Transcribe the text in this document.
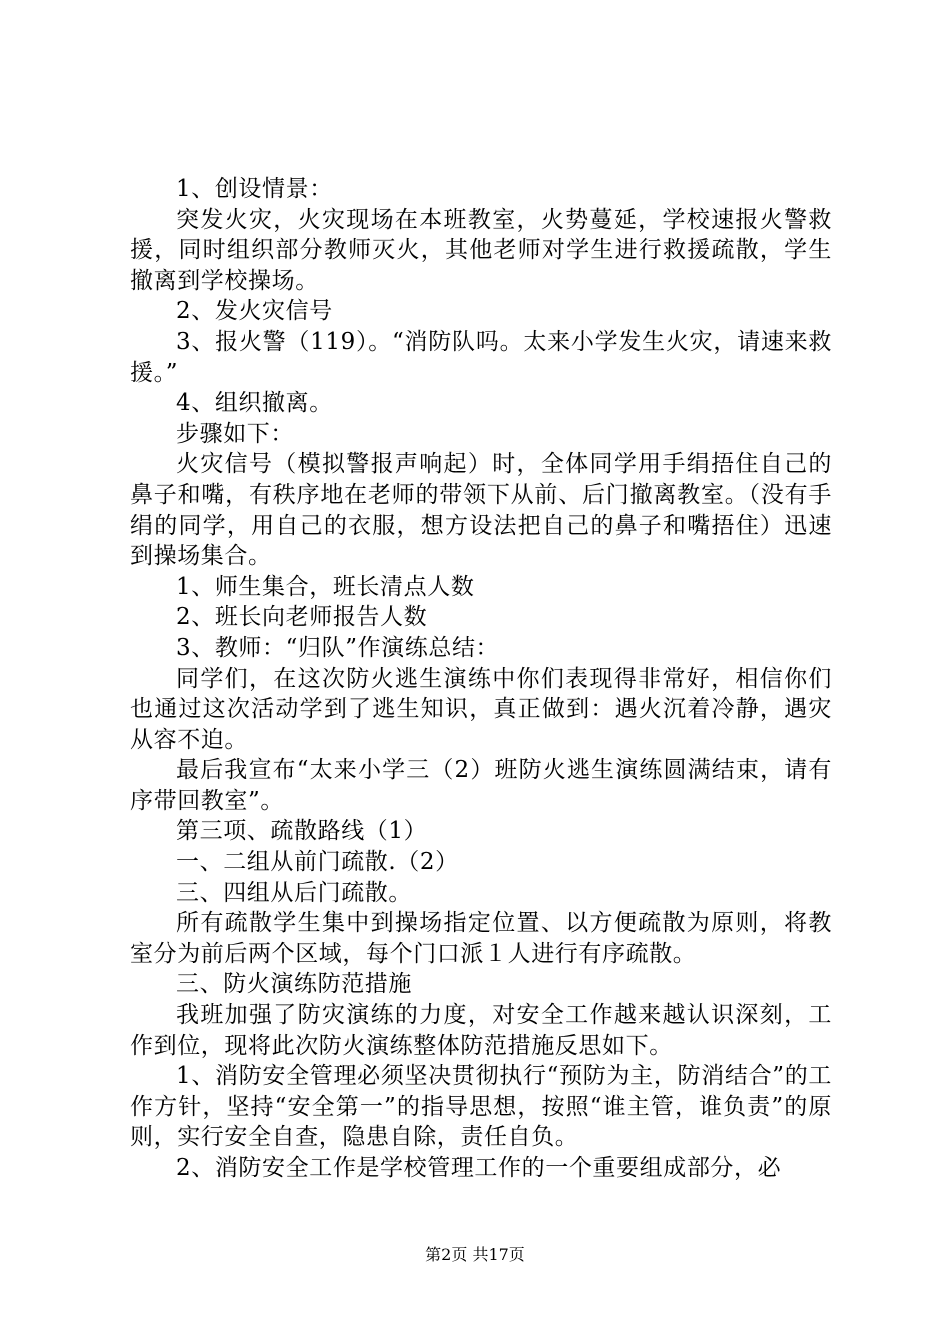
1、创设情景：

突发火灾，火灾现场在本班教室，火势蔓延，学校速报火警救援，同时组织部分教师灭火，其他老师对学生进行救援疏散，学生撤离到学校操场。

2、发火灾信号

3、报火警（119）。“消防队吗。太来小学发生火灾，请速来救援。”

4、组织撤离。

步骤如下：

火灾信号（模拟警报声响起）时，全体同学用手绢捂住自己的鼻子和嘴，有秩序地在老师的带领下从前、后门撤离教室。（没有手绢的同学，用自己的衣服，想方设法把自己的鼻子和嘴捂住）迅速到操场集合。

1、师生集合，班长清点人数

2、班长向老师报告人数

3、教师：“归队”作演练总结：

同学们，在这次防火逃生演练中你们表现得非常好，相信你们也通过这次活动学到了逃生知识，真正做到：遇火沉着冷静，遇灾从容不迫。

最后我宣布“太来小学三（2）班防火逃生演练圆满结束，请有序带回教室”。

第三项、疏散路线（1）

一、二组从前门疏散.（2）

三、四组从后门疏散。

所有疏散学生集中到操场指定位置、以方便疏散为原则，将教室分为前后两个区域，每个门口派１人进行有序疏散。

三、防火演练防范措施

我班加强了防灾演练的力度，对安全工作越来越认识深刻，工作到位，现将此次防火演练整体防范措施反思如下。

1、消防安全管理必须坚决贯彻执行“预防为主，防消结合”的工作方针，坚持“安全第一”的指导思想，按照“谁主管，谁负责”的原则，实行安全自查，隐患自除，责任自负。

2、消防安全工作是学校管理工作的一个重要组成部分，必

第2页 共17页
